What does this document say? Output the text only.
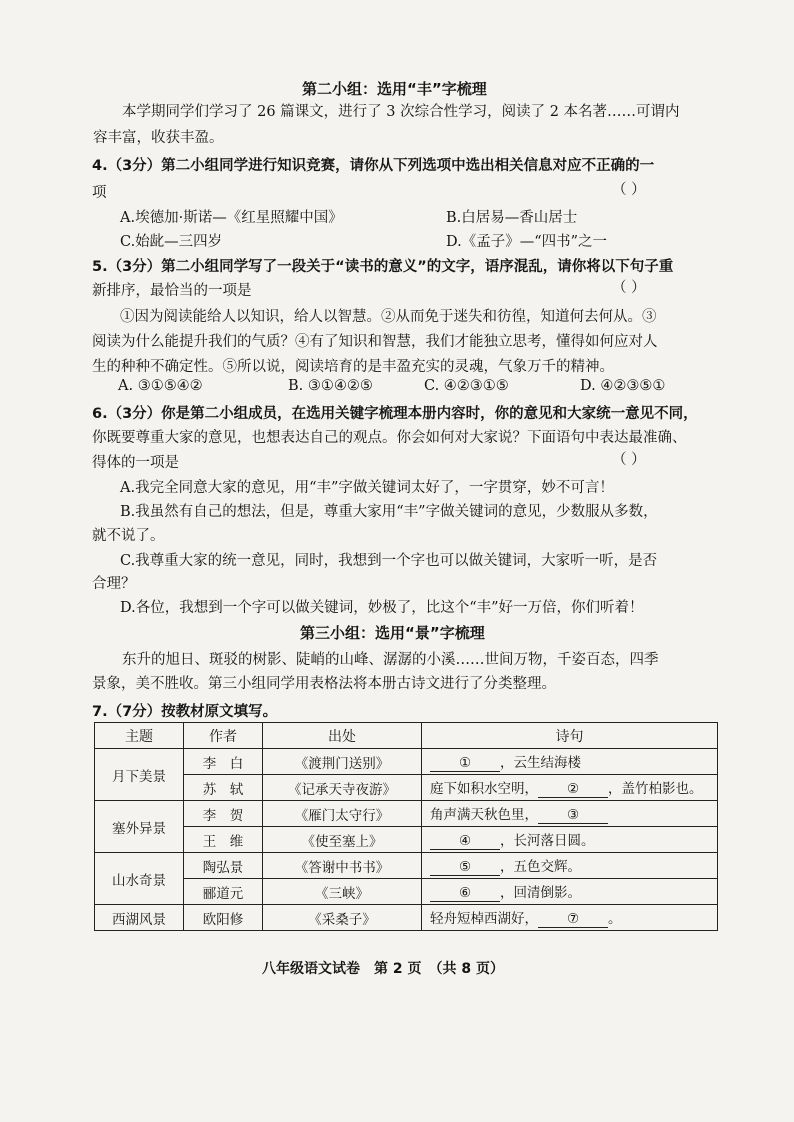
第二小组：选用“丰”字梳理
本学期同学们学习了 26 篇课文，进行了 3 次综合性学习，阅读了 2 本名著……可谓内
容丰富，收获丰盈。
4.（3分）第二小组同学进行知识竞赛，请你从下列选项中选出相关信息对应不正确的一
项	（ ）
A.埃德加·斯诺—《红星照耀中国》	B.白居易—香山居士
C.始龀—三四岁	D.《孟子》—“四书”之一
5.（3分）第二小组同学写了一段关于“读书的意义”的文字，语序混乱，请你将以下句子重
新排序，最恰当的一项是	（ ）
①因为阅读能给人以知识，给人以智慧。②从而免于迷失和彷徨，知道何去何从。③
阅读为什么能提升我们的气质？④有了知识和智慧，我们才能独立思考，懂得如何应对人
生的种种不确定性。⑤所以说，阅读培育的是丰盈充实的灵魂，气象万千的精神。
A. ③①⑤④②	B. ③①④②⑤	C. ④②③①⑤	D. ④②③⑤①
6.（3分）你是第二小组成员，在选用关键字梳理本册内容时，你的意见和大家统一意见不同，
你既要尊重大家的意见，也想表达自己的观点。你会如何对大家说？下面语句中表达最准确、
得体的一项是	（ ）
A.我完全同意大家的意见，用“丰”字做关键词太好了，一字贯穿，妙不可言！
B.我虽然有自己的想法，但是，尊重大家用“丰”字做关键词的意见，少数服从多数，
就不说了。
C.我尊重大家的统一意见，同时，我想到一个字也可以做关键词，大家听一听，是否
合理？
D.各位，我想到一个字可以做关键词，妙极了，比这个“丰”好一万倍，你们听着！
第三小组：选用“景”字梳理
东升的旭日、斑驳的树影、陡峭的山峰、潺潺的小溪……世间万物，千姿百态，四季
景象，美不胜收。第三小组同学用表格法将本册古诗文进行了分类整理。
7.（7分）按教材原文填写。
主题	作者	出处	诗句
月下美景	李　白	《渡荆门送别》	① ，云生结海楼
	苏　轼	《记承天寺夜游》	庭下如积水空明， ② ，盖竹柏影也。
塞外异景	李　贺	《雁门太守行》	角声满天秋色里， ③
	王　维	《使至塞上》	④ ，长河落日圆。
山水奇景	陶弘景	《答谢中书书》	⑤ ，五色交辉。
	郦道元	《三峡》	⑥ ，回清倒影。
西湖风景	欧阳修	《采桑子》	轻舟短棹西湖好， ⑦ 。
八年级语文试卷　第 2 页　（共 8 页）
